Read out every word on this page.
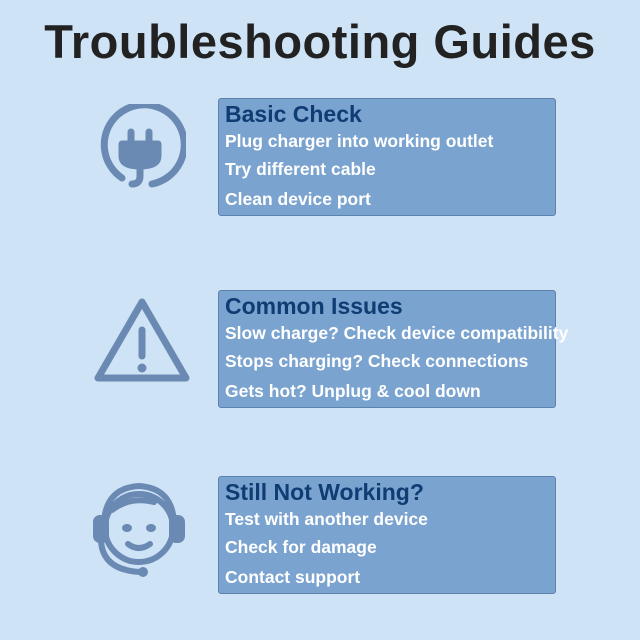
Troubleshooting Guides
Basic Check
Plug charger into working outlet
Try different cable
Clean device port
Common Issues
Slow charge? Check device compatibility
Stops charging? Check connections
Gets hot? Unplug & cool down
Still Not Working?
Test with another device
Check for damage
Contact support
